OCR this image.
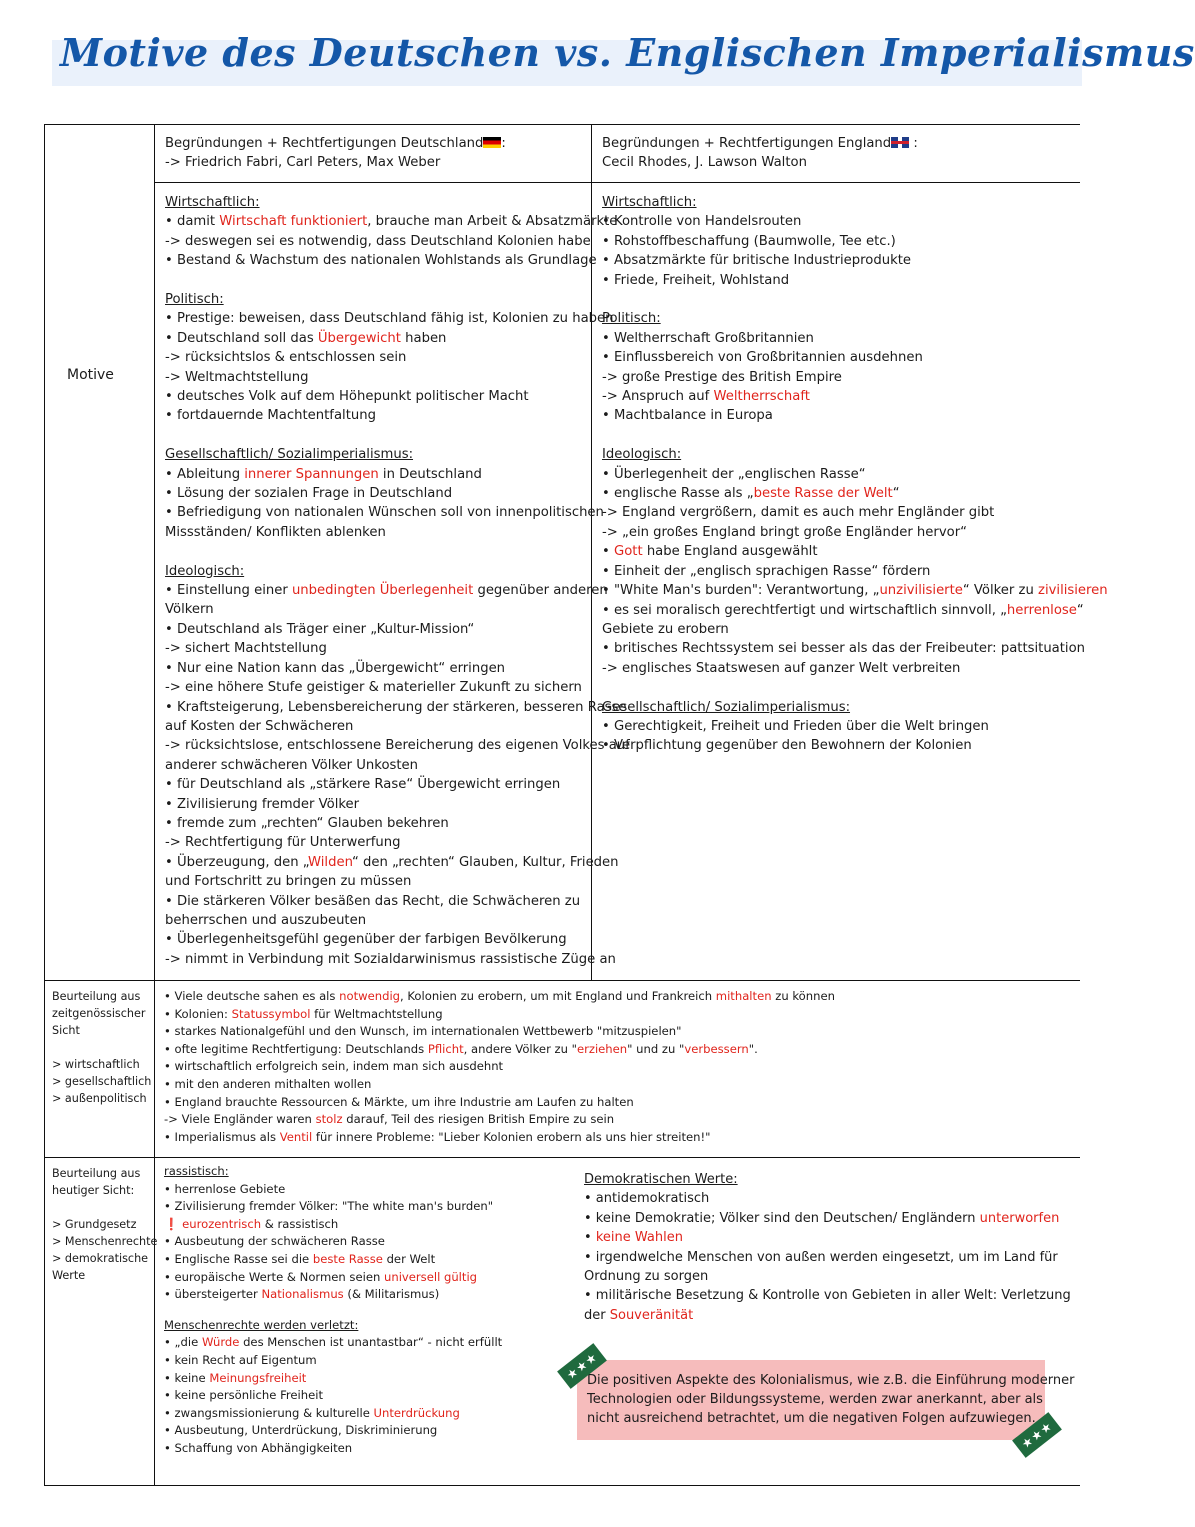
Motive des Deutschen vs. Englischen Imperialismus
Motive
Beurteilung aus
zeitgenössischer
Sicht

> wirtschaftlich
> gesellschaftlich
> außenpolitisch
Beurteilung aus
heutiger Sicht:

> Grundgesetz
> Menschenrechte
> demokratische
Werte
Begründungen + Rechtfertigungen Deutschland :
-> Friedrich Fabri, Carl Peters, Max Weber
Begründungen + Rechtfertigungen England :
Cecil Rhodes, J. Lawson Walton
Wirtschaftlich:
• damit Wirtschaft funktioniert, brauche man Arbeit & Absatzmärkte
-> deswegen sei es notwendig, dass Deutschland Kolonien habe
• Bestand & Wachstum des nationalen Wohlstands als Grundlage
Politisch:
• Prestige: beweisen, dass Deutschland fähig ist, Kolonien zu haben
• Deutschland soll das Übergewicht haben
-> rücksichtslos & entschlossen sein
-> Weltmachtstellung
• deutsches Volk auf dem Höhepunkt politischer Macht
• fortdauernde Machtentfaltung
Gesellschaftlich/ Sozialimperialismus:
• Ableitung innerer Spannungen in Deutschland
• Lösung der sozialen Frage in Deutschland
• Befriedigung von nationalen Wünschen soll von innenpolitischen
Missständen/ Konflikten ablenken
Ideologisch:
• Einstellung einer unbedingten Überlegenheit gegenüber anderen
Völkern
• Deutschland als Träger einer „Kultur-Mission“
-> sichert Machtstellung
• Nur eine Nation kann das „Übergewicht“ erringen
-> eine höhere Stufe geistiger & materieller Zukunft zu sichern
• Kraftsteigerung, Lebensbereicherung der stärkeren, besseren Rasse
auf Kosten der Schwächeren
-> rücksichtslose, entschlossene Bereicherung des eigenen Volkes auf
anderer schwächeren Völker Unkosten
• für Deutschland als „stärkere Rase“ Übergewicht erringen
• Zivilisierung fremder Völker
• fremde zum „rechten“ Glauben bekehren
-> Rechtfertigung für Unterwerfung
• Überzeugung, den „Wilden“ den „rechten“ Glauben, Kultur, Frieden
und Fortschritt zu bringen zu müssen
• Die stärkeren Völker besäßen das Recht, die Schwächeren zu
beherrschen und auszubeuten
• Überlegenheitsgefühl gegenüber der farbigen Bevölkerung
-> nimmt in Verbindung mit Sozialdarwinismus rassistische Züge an
Wirtschaftlich:
• Kontrolle von Handelsrouten
• Rohstoffbeschaffung (Baumwolle, Tee etc.)
• Absatzmärkte für britische Industrieprodukte
• Friede, Freiheit, Wohlstand
Politisch:
• Weltherrschaft Großbritannien
• Einflussbereich von Großbritannien ausdehnen
-> große Prestige des British Empire
-> Anspruch auf Weltherrschaft
• Machtbalance in Europa
Ideologisch:
• Überlegenheit der „englischen Rasse“
• englische Rasse als „beste Rasse der Welt“
-> England vergrößern, damit es auch mehr Engländer gibt
-> „ein großes England bringt große Engländer hervor“
• Gott habe England ausgewählt
• Einheit der „englisch sprachigen Rasse“ fördern
• "White Man's burden": Verantwortung, „unzivilisierte“ Völker zu zivilisieren
• es sei moralisch gerechtfertigt und wirtschaftlich sinnvoll, „herrenlose“
Gebiete zu erobern
• britisches Rechtssystem sei besser als das der Freibeuter: pattsituation
-> englisches Staatswesen auf ganzer Welt verbreiten
Gesellschaftlich/ Sozialimperialismus:
• Gerechtigkeit, Freiheit und Frieden über die Welt bringen
• Verpflichtung gegenüber den Bewohnern der Kolonien
• Viele deutsche sahen es als notwendig, Kolonien zu erobern, um mit England und Frankreich mithalten zu können
• Kolonien: Statussymbol für Weltmachtstellung
• starkes Nationalgefühl und den Wunsch, im internationalen Wettbewerb "mitzuspielen"
• ofte legitime Rechtfertigung: Deutschlands Pflicht, andere Völker zu "erziehen" und zu "verbessern".
• wirtschaftlich erfolgreich sein, indem man sich ausdehnt
• mit den anderen mithalten wollen
• England brauchte Ressourcen & Märkte, um ihre Industrie am Laufen zu halten
-> Viele Engländer waren stolz darauf, Teil des riesigen British Empire zu sein
• Imperialismus als Ventil für innere Probleme: "Lieber Kolonien erobern als uns hier streiten!"
rassistisch:
• herrenlose Gebiete
• Zivilisierung fremder Völker: "The white man's burden"
❗ eurozentrisch & rassistisch
• Ausbeutung der schwächeren Rasse
• Englische Rasse sei die beste Rasse der Welt
• europäische Werte & Normen seien universell gültig
• übersteigerter Nationalismus (& Militarismus)
Menschenrechte werden verletzt:
• „die Würde des Menschen ist unantastbar“ - nicht erfüllt
• kein Recht auf Eigentum
• keine Meinungsfreiheit
• keine persönliche Freiheit
• zwangsmissionierung & kulturelle Unterdrückung
• Ausbeutung, Unterdrückung, Diskriminierung
• Schaffung von Abhängigkeiten
Demokratischen Werte:
• antidemokratisch
• keine Demokratie; Völker sind den Deutschen/ Engländern unterworfen
• keine Wahlen
• irgendwelche Menschen von außen werden eingesetzt, um im Land für
Ordnung zu sorgen
• militärische Besetzung & Kontrolle von Gebieten in aller Welt: Verletzung
der Souveränität
Die positiven Aspekte des Kolonialismus, wie z.B. die Einführung moderner
Technologien oder Bildungssysteme, werden zwar anerkannt, aber als
nicht ausreichend betrachtet, um die negativen Folgen aufzuwiegen.
★★★
★★★
